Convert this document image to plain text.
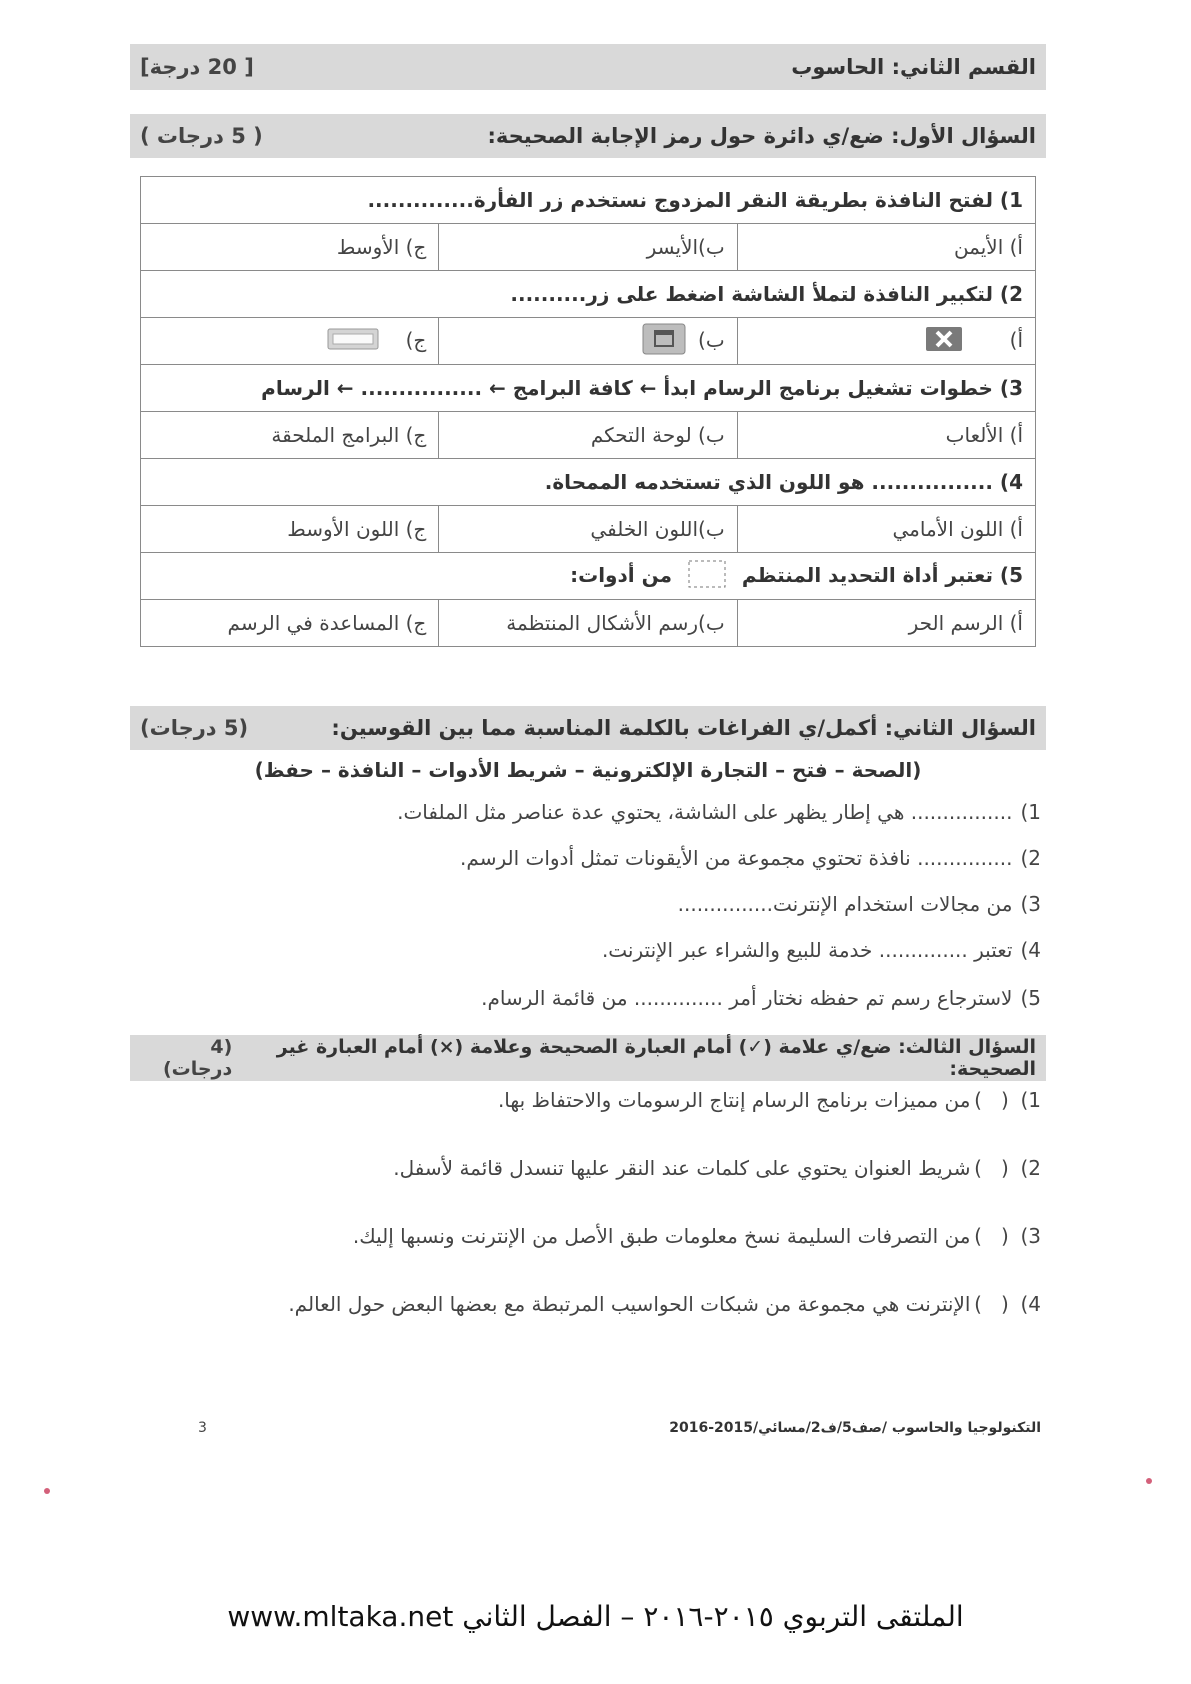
القسم الثاني: الحاسوب
[ 20 درجة]
السؤال الأول: ضع/ي دائرة حول رمز الإجابة الصحيحة:
( 5 درجات )
1) لفتح النافذة بطريقة النقر المزدوج نستخدم زر الفأرة..............		
أ) الأيمن	ب)الأيسر	ج) الأوسط
2) لتكبير النافذة لتملأ الشاشة اضغط على زر..........		
أ)	ب)	ج)
3) خطوات تشغيل برنامج الرسام ابدأ ← كافة البرامج ← ................ ← الرسام		
أ) الألعاب	ب) لوحة التحكم	ج) البرامج الملحقة
4) ................ هو اللون الذي تستخدمه الممحاة.		
أ) اللون الأمامي	ب)اللون الخلفي	ج) اللون الأوسط
5) تعتبر أداة التحديد المنتظم  من أدوات:		
أ) الرسم الحر	ب)رسم الأشكال المنتظمة	ج) المساعدة في الرسم
السؤال الثاني: أكمل/ي الفراغات بالكلمة المناسبة مما بين القوسين:
(5 درجات)
(الصحة – فتح – التجارة الإلكترونية – شريط الأدوات – النافذة – حفظ)
1)................ هي إطار يظهر على الشاشة، يحتوي عدة عناصر مثل الملفات.
2)............... نافذة تحتوي مجموعة من الأيقونات تمثل أدوات الرسم.
3)من مجالات استخدام الإنترنت...............
4)تعتبر .............. خدمة للبيع والشراء عبر الإنترنت.
5)لاسترجاع رسم تم حفظه نختار أمر .............. من قائمة الرسام.
السؤال الثالث: ضع/ي علامة (✓) أمام العبارة الصحيحة وعلامة (×) أمام العبارة غير الصحيحة:
(4 درجات)
1)(   )من مميزات برنامج الرسام إنتاج الرسومات والاحتفاظ بها.
2)(   )شريط العنوان يحتوي على كلمات عند النقر عليها تنسدل قائمة لأسفل.
3)(   )من التصرفات السليمة نسخ معلومات طبق الأصل من الإنترنت ونسبها إليك.
4)(   )الإنترنت هي مجموعة من شبكات الحواسيب المرتبطة مع بعضها البعض حول العالم.
3	التكنولوجيا والحاسوب /صف5/ف2/مسائي/2015-2016
الملتقى التربوي ٢٠١٥-٢٠١٦ – الفصل الثاني www.mltaka.net
